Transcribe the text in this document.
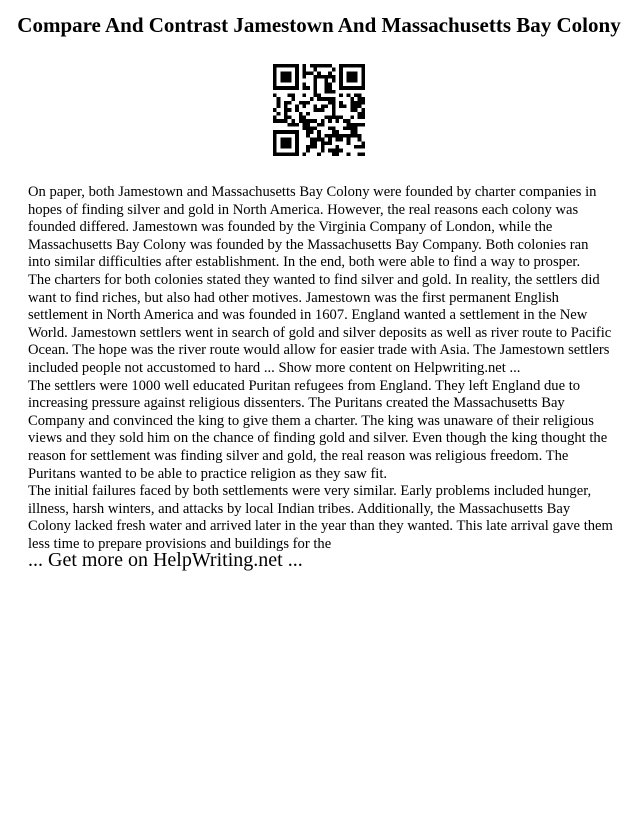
Compare And Contrast Jamestown And Massachusetts Bay Colony

On paper, both Jamestown and Massachusetts Bay Colony were founded by charter companies in hopes of finding silver and gold in North America. However, the real reasons each colony was founded differed. Jamestown was founded by the Virginia Company of London, while the Massachusetts Bay Colony was founded by the Massachusetts Bay Company. Both colonies ran into similar difficulties after establishment. In the end, both were able to find a way to prosper.

The charters for both colonies stated they wanted to find silver and gold. In reality, the settlers did want to find riches, but also had other motives. Jamestown was the first permanent English settlement in North America and was founded in 1607. England wanted a settlement in the New World. Jamestown settlers went in search of gold and silver deposits as well as river route to Pacific Ocean. The hope was the river route would allow for easier trade with Asia. The Jamestown settlers included people not accustomed to hard ... Show more content on Helpwriting.net ...

The settlers were 1000 well educated Puritan refugees from England. They left England due to increasing pressure against religious dissenters. The Puritans created the Massachusetts Bay Company and convinced the king to give them a charter. The king was unaware of their religious views and they sold him on the chance of finding gold and silver. Even though the king thought the reason for settlement was finding silver and gold, the real reason was religious freedom. The Puritans wanted to be able to practice religion as they saw fit.

The initial failures faced by both settlements were very similar. Early problems included hunger, illness, harsh winters, and attacks by local Indian tribes. Additionally, the Massachusetts Bay Colony lacked fresh water and arrived later in the year than they wanted. This late arrival gave them less time to prepare provisions and buildings for the

... Get more on HelpWriting.net ...
